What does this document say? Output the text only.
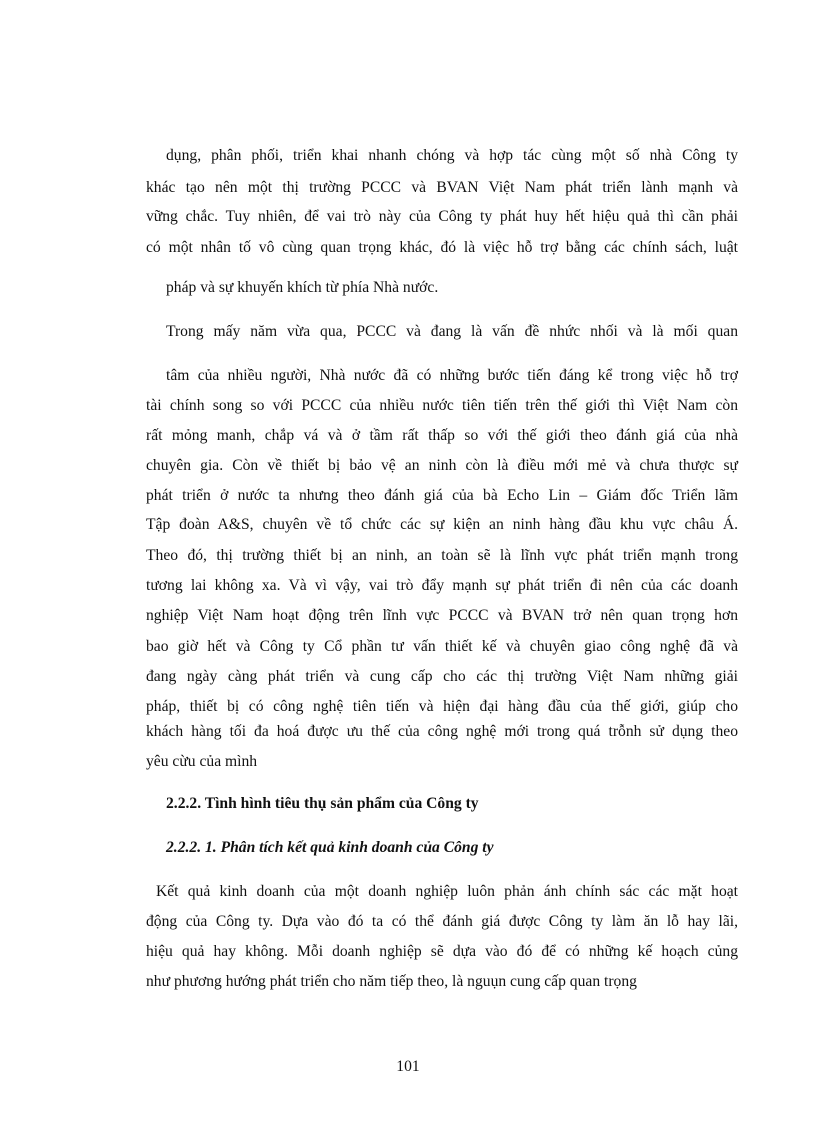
dụng, phân phối, triển khai nhanh chóng và hợp tác cùng một số nhà Công ty
khác tạo nên một thị trường PCCC và BVAN Việt Nam phát triển lành mạnh và
vững chắc. Tuy nhiên, để vai trò này của Công ty phát huy hết hiệu quả thì cần phải
có một nhân tố vô cùng quan trọng khác, đó là việc hỗ trợ bằng các chính sách, luật
pháp và sự khuyến khích từ phía Nhà nước.
Trong mấy năm vừa qua, PCCC và đang là vấn đề nhức nhối và là mối quan
tâm của nhiều người, Nhà nước đã có những bước tiến đáng kể trong việc hỗ trợ
tài chính song so với PCCC của nhiều nước tiên tiến trên thế giới thì Việt Nam còn
rất mỏng manh, chắp vá và ở tầm rất thấp so với thế giới theo đánh giá của nhà
chuyên gia. Còn về thiết bị bảo vệ an ninh còn là điều mới mẻ và chưa thược sự
phát triển ở nước ta nhưng theo đánh giá của bà Echo Lin – Giám đốc Triển lãm
Tập đoàn A&S, chuyên về tổ chức các sự kiện an ninh hàng đầu khu vực châu Á.
Theo đó, thị trường thiết bị an ninh, an toàn sẽ là lĩnh vực phát triển mạnh trong
tương lai không xa. Và vì vậy, vai trò đẩy mạnh sự phát triển đi nên của các doanh
nghiệp Việt Nam hoạt động trên lĩnh vực PCCC và BVAN trở nên quan trọng hơn
bao giờ hết và Công ty Cổ phần tư vấn thiết kế và chuyên giao công nghệ đã và
đang ngày càng phát triển và cung cấp cho các thị trường Việt Nam những giải
pháp, thiết bị có công nghệ tiên tiến và hiện đại hàng đầu của thế giới, giúp cho
khách hàng tối đa hoá được ưu thế của công nghệ mới trong quá trỗnh sử dụng theo
yêu cừu của mình
2.2.2. Tình hình tiêu thụ sản phẩm của Công ty
2.2.2. 1. Phân tích kết quả kinh doanh của Công ty
Kết quả kinh doanh của một doanh nghiệp luôn phản ánh chính sác các mặt hoạt
động của Công ty. Dựa vào đó ta có thể đánh giá được Công ty làm ăn lỗ hay lãi,
hiệu quả hay không. Mỗi doanh nghiệp sẽ dựa vào đó để có những kế hoạch củng
như phương hướng phát triển cho năm tiếp theo, là nguụn cung cấp quan trọng
101
